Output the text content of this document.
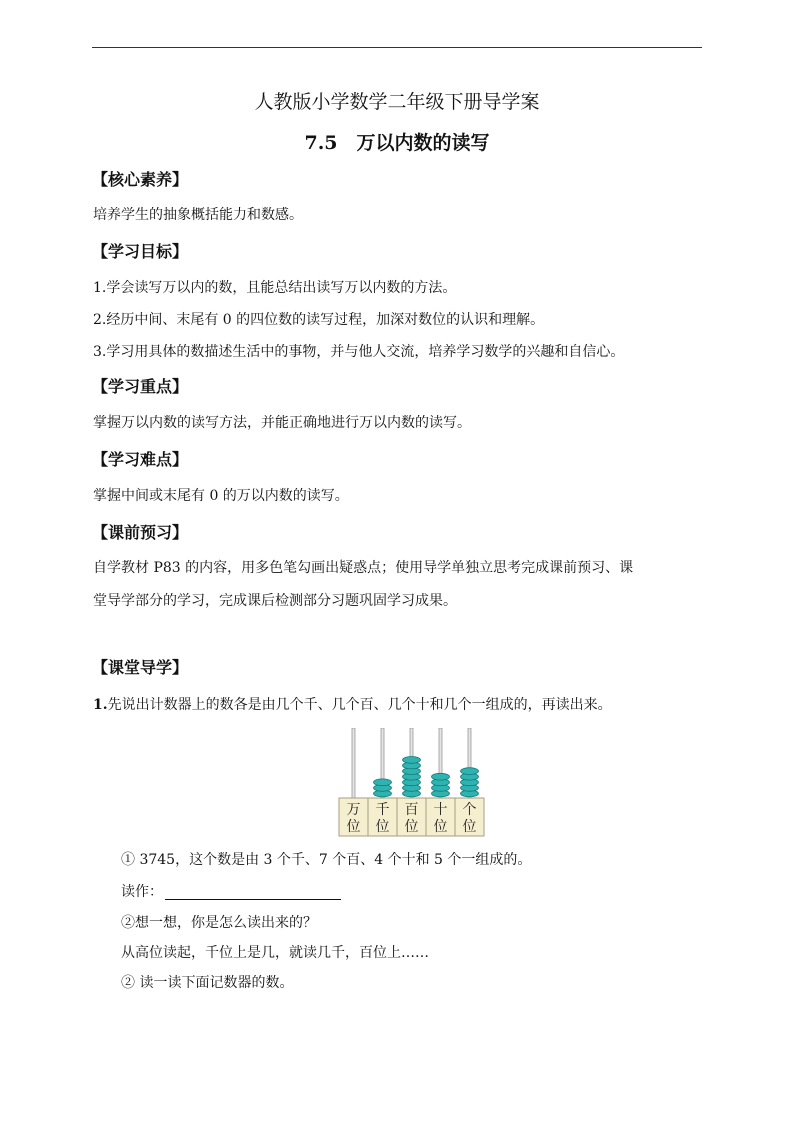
人教版小学数学二年级下册导学案
7.5　万以内数的读写
【核心素养】
培养学生的抽象概括能力和数感。
【学习目标】
1.学会读写万以内的数，且能总结出读写万以内数的方法。
2.经历中间、末尾有 0 的四位数的读写过程，加深对数位的认识和理解。
3.学习用具体的数描述生活中的事物，并与他人交流，培养学习数学的兴趣和自信心。
【学习重点】
掌握万以内数的读写方法，并能正确地进行万以内数的读写。
【学习难点】
掌握中间或末尾有 0 的万以内数的读写。
【课前预习】
自学教材 P83 的内容，用多色笔勾画出疑惑点；使用导学单独立思考完成课前预习、课
堂导学部分的学习，完成课后检测部分习题巩固学习成果。
【课堂导学】
1.先说出计数器上的数各是由几个千、几个百、几个十和几个一组成的，再读出来。
万
位
千
位
百
位
十
位
个
位
① 3745，这个数是由 3 个千、7 个百、4 个十和 5 个一组成的。
读作：
②想一想，你是怎么读出来的？
从高位读起，千位上是几，就读几千，百位上……
② 读一读下面记数器的数。
